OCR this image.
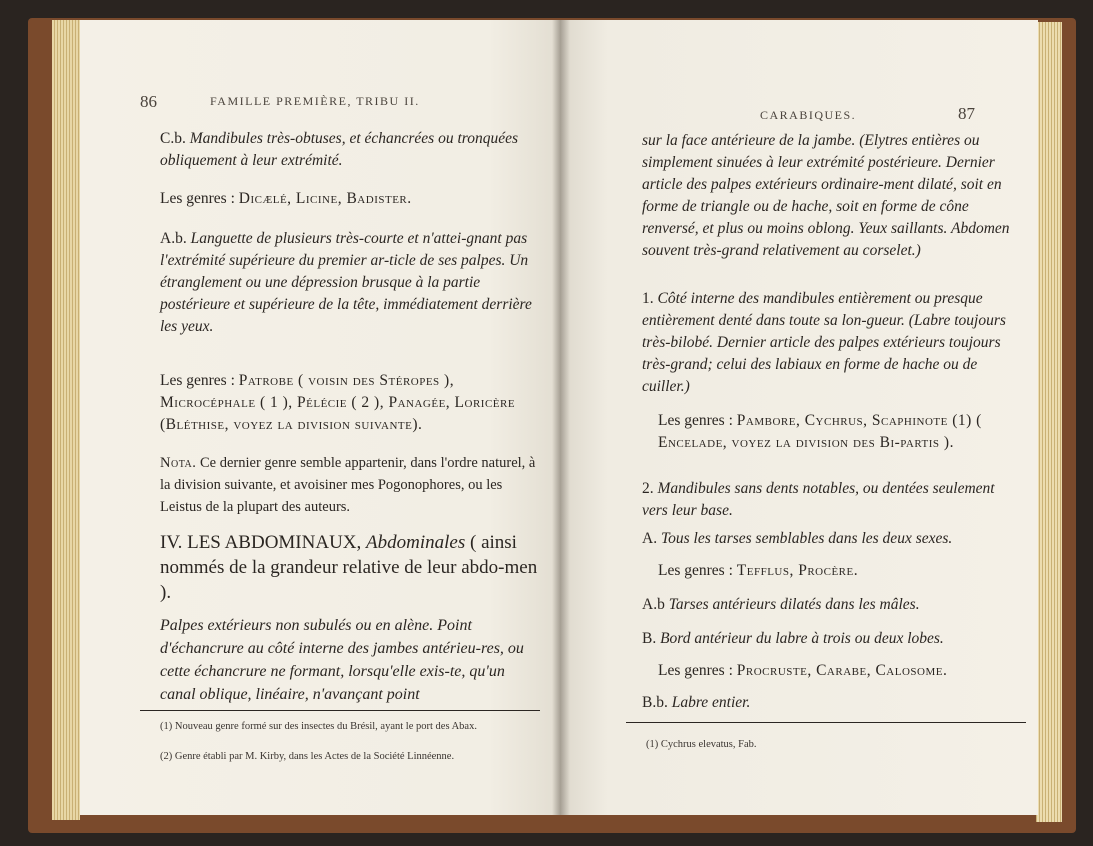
86	FAMILLE PREMIÈRE, TRIBU II.
C.b. Mandibules très-obtuses, et échancrées ou tronquées obliquement à leur extrémité.
Les genres : Dicælé, Licine, Badister.
A.b. Languette de plusieurs très-courte et n'attei-gnant pas l'extrémité supérieure du premier ar-ticle de ses palpes. Un étranglement ou une dépression brusque à la partie postérieure et supérieure de la tête, immédiatement derrière les yeux.
Les genres : Patrobe ( voisin des Stéropes ), Microcéphale ( 1 ), Pélécie ( 2 ), Panagée, Loricère (Bléthise, voyez la division suivante).
Nota. Ce dernier genre semble appartenir, dans l'ordre naturel, à la division suivante, et avoisiner mes Pogonophores, ou les Leistus de la plupart des auteurs.
IV. LES ABDOMINAUX, Abdominales ( ainsi nommés de la grandeur relative de leur abdo-men ).
Palpes extérieurs non subulés ou en alène. Point d'échancrure au côté interne des jambes antérieu-res, ou cette échancrure ne formant, lorsqu'elle exis-te, qu'un canal oblique, linéaire, n'avançant point
(1) Nouveau genre formé sur des insectes du Brésil, ayant le port des Abax.
(2) Genre établi par M. Kirby, dans les Actes de la Société Linnéenne.
CARABIQUES.	87
sur la face antérieure de la jambe. (Elytres entières ou simplement sinuées à leur extrémité postérieure. Dernier article des palpes extérieurs ordinaire-ment dilaté, soit en forme de triangle ou de hache, soit en forme de cône renversé, et plus ou moins oblong. Yeux saillants. Abdomen souvent très-grand relativement au corselet.)
1. Côté interne des mandibules entièrement ou presque entièrement denté dans toute sa lon-gueur. (Labre toujours très-bilobé. Dernier article des palpes extérieurs toujours très-grand; celui des labiaux en forme de hache ou de cuiller.)
Les genres : Pambore, Cychrus, Scaphinote (1) ( Encelade, voyez la division des Bi-partis ).
2. Mandibules sans dents notables, ou dentées seulement vers leur base.
A. Tous les tarses semblables dans les deux sexes.
Les genres : Tefflus, Procère.
A.b Tarses antérieurs dilatés dans les mâles.
B. Bord antérieur du labre à trois ou deux lobes.
Les genres : Procruste, Carabe, Calosome.
B.b. Labre entier.
(1) Cychrus elevatus, Fab.
